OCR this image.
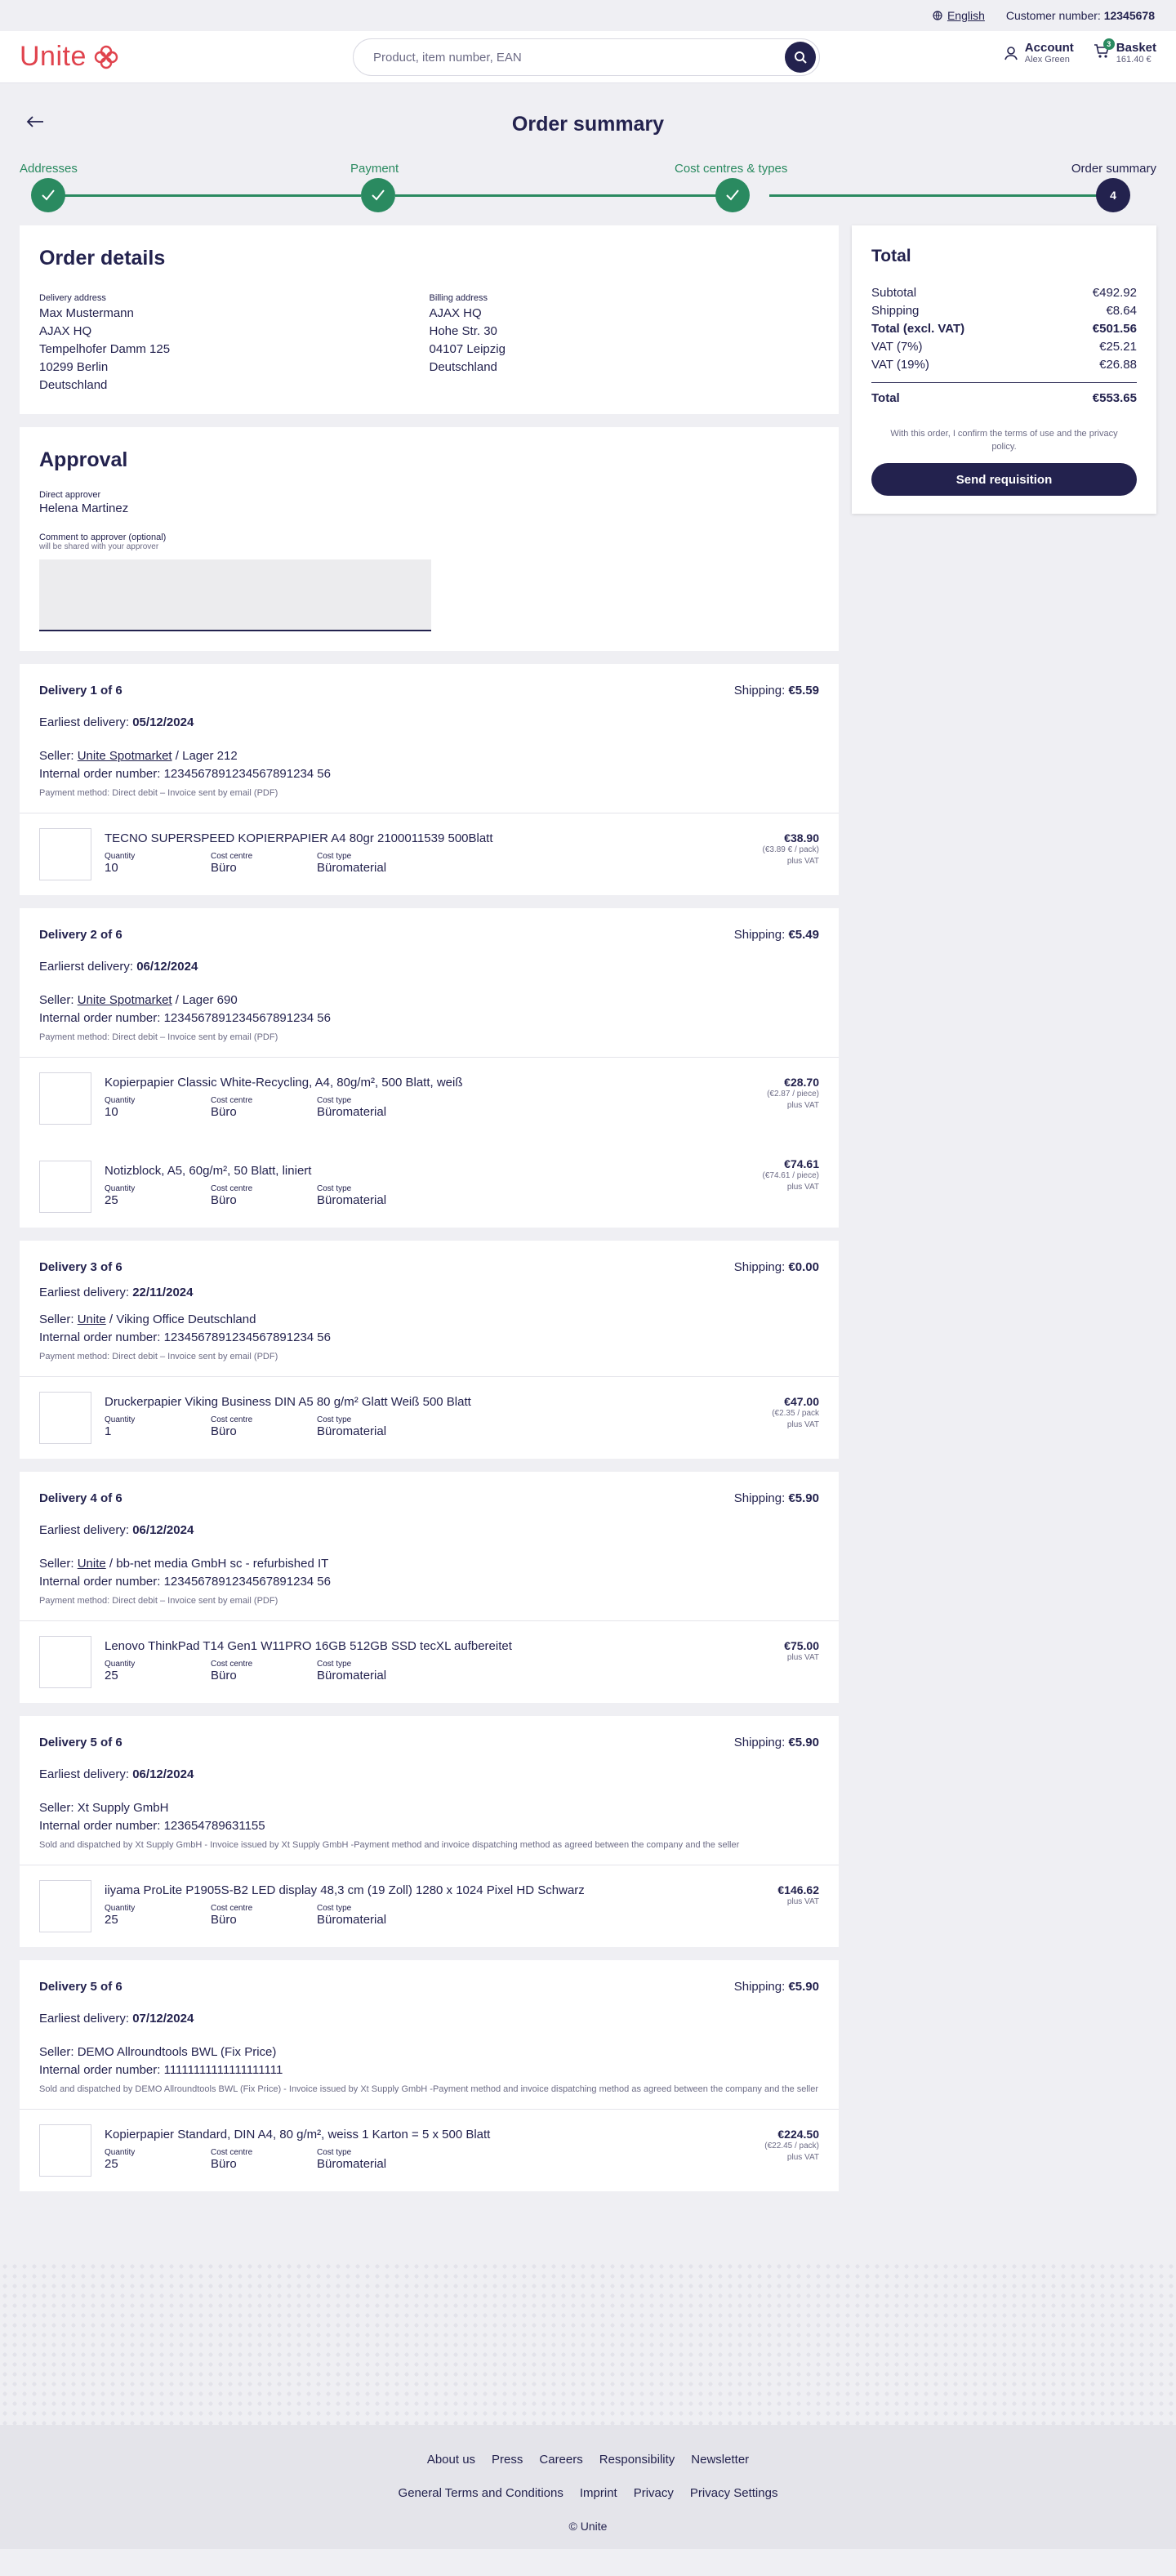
English Customer number: 12345678
Unite	Product, item number, EAN
Account
Alex Green
3 Basket
161.40 €
Order summary
Addresses	Payment	Cost centres & types	Order summary
4
Order details
Delivery address
Max Mustermann
AJAX HQ
Tempelhofer Damm 125
10299 Berlin
Deutschland
Billing address
AJAX HQ
Hohe Str. 30
04107 Leipzig
Deutschland
Approval
Direct approver
Helena Martinez
Comment to approver (optional)
will be shared with your approver
Delivery 1 of 6	Shipping: €5.59
Earliest delivery: 05/12/2024
Seller: Unite Spotmarket / Lager 212
Internal order number: 1234567891234567891234 56
Payment method: Direct debit – Invoice sent by email (PDF)
TECNO SUPERSPEED KOPIERPAPIER A4 80gr 2100011539 500Blatt
Quantity
10
Cost centre
Büro
Cost type
Büromaterial
€38.90
(€3.89 € / pack)
plus VAT
Delivery 2 of 6	Shipping: €5.49
Earlierst delivery: 06/12/2024
Seller: Unite Spotmarket / Lager 690
Internal order number: 1234567891234567891234 56
Payment method: Direct debit – Invoice sent by email (PDF)
Kopierpapier Classic White-Recycling, A4, 80g/m², 500 Blatt, weiß
Quantity
10
Cost centre
Büro
Cost type
Büromaterial
€28.70
(€2.87 / piece)
plus VAT
Notizblock, A5, 60g/m², 50 Blatt, liniert
Quantity
25
Cost centre
Büro
Cost type
Büromaterial
€74.61
(€74.61 / piece)
plus VAT
Delivery 3 of 6	Shipping: €0.00
Earliest delivery: 22/11/2024
Seller: Unite / Viking Office Deutschland
Internal order number: 1234567891234567891234 56
Payment method: Direct debit – Invoice sent by email (PDF)
Druckerpapier Viking Business DIN A5 80 g/m² Glatt Weiß 500 Blatt
Quantity
1
Cost centre
Büro
Cost type
Büromaterial
€47.00
(€2.35 / pack
plus VAT
Delivery 4 of 6	Shipping: €5.90
Earliest delivery: 06/12/2024
Seller: Unite / bb-net media GmbH sc - refurbished IT
Internal order number: 1234567891234567891234 56
Payment method: Direct debit – Invoice sent by email (PDF)
Lenovo ThinkPad T14 Gen1 W11PRO 16GB 512GB SSD tecXL aufbereitet
Quantity
25
Cost centre
Büro
Cost type
Büromaterial
€75.00
plus VAT
Delivery 5 of 6	Shipping: €5.90
Earliest delivery: 06/12/2024
Seller: Xt Supply GmbH
Internal order number: 123654789631155
Sold and dispatched by Xt Supply GmbH - Invoice issued by Xt Supply GmbH -Payment method and invoice dispatching method as agreed between the company and the seller
iiyama ProLite P1905S-B2 LED display 48,3 cm (19 Zoll) 1280 x 1024 Pixel HD Schwarz
Quantity
25
Cost centre
Büro
Cost type
Büromaterial
€146.62
plus VAT
Delivery 5 of 6	Shipping: €5.90
Earliest delivery: 07/12/2024
Seller: DEMO Allroundtools BWL (Fix Price)
Internal order number: 11111111111111111111
Sold and dispatched by DEMO Allroundtools BWL (Fix Price) - Invoice issued by Xt Supply GmbH -Payment method and invoice dispatching method as agreed between the company and the seller
Kopierpapier Standard, DIN A4, 80 g/m², weiss 1 Karton = 5 x 500 Blatt
Quantity
25
Cost centre
Büro
Cost type
Büromaterial
€224.50
(€22.45 / pack)
plus VAT
Total
Subtotal	€492.92
Shipping	€8.64
Total (excl. VAT)	€501.56
VAT (7%)	€25.21
VAT (19%)	€26.88
Total	€553.65
With this order, I confirm the terms of use and the privacy policy.
Send requisition
About us Press Careers Responsibility Newsletter
General Terms and Conditions Imprint Privacy Privacy Settings
© Unite
